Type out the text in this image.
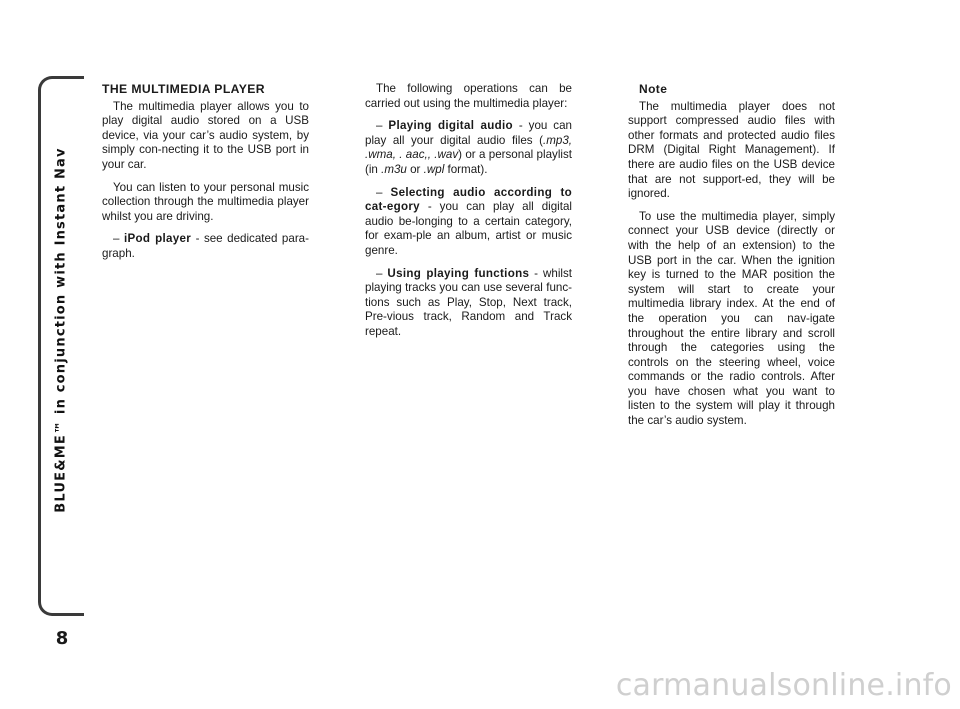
BLUE&ME™ in conjunction with Instant Nav
8
THE MULTIMEDIA PLAYER

The multimedia player allows you to play digital audio stored on a USB device, via your car’s audio system, by simply con-necting it to the USB port in your car.

You can listen to your personal music collection through the multimedia player whilst you are driving.

– iPod player - see dedicated para-graph.

The following operations can be carried out using the multimedia player:

– Playing digital audio - you can play all your digital audio files (.mp3, .wma, . aac,, .wav) or a personal playlist (in .m3u or .wpl format).

– Selecting audio according to cat-egory - you can play all digital audio be-longing to a certain category, for exam-ple an album, artist or music genre.

– Using playing functions - whilst playing tracks you can use several func-tions such as Play, Stop, Next track, Pre-vious track, Random and Track repeat.

Note

The multimedia player does not support compressed audio files with other formats and protected audio files DRM (Digital Right Management). If there are audio files on the USB device that are not support-ed, they will be ignored.

To use the multimedia player, simply connect your USB device (directly or with the help of an extension) to the USB port in the car. When the ignition key is turned to the MAR position the system will start to create your multimedia library index. At the end of the operation you can nav-igate throughout the entire library and scroll through the categories using the controls on the steering wheel, voice commands or the radio controls. After you have chosen what you want to listen to the system will play it through the car’s audio system.

carmanualsonline.info
